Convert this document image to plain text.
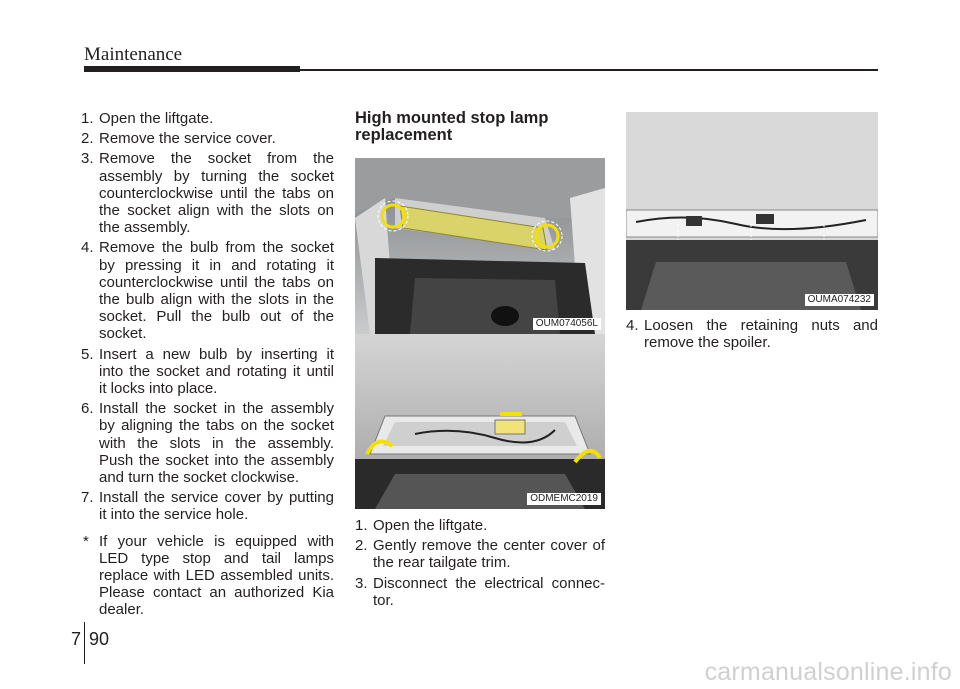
Maintenance
1. Open the liftgate.
2. Remove the service cover.
3. Remove the socket from the assembly by turning the socket counterclockwise until the tabs on the socket align with the slots on the assembly.
4. Remove the bulb from the socket by pressing it in and rotating it counterclockwise until the tabs on the bulb align with the slots in the socket. Pull the bulb out of the socket.
5. Insert a new bulb by inserting it into the socket and rotating it until it locks into place.
6. Install the socket in the assembly by aligning the tabs on the socket with the slots in the assembly. Push the socket into the assembly and turn the socket clockwise.
7. Install the service cover by putting it into the service hole.
* If your vehicle is equipped with LED type stop and tail lamps replace with LED assembled units. Please contact an authorized Kia dealer.
High mounted stop lamp replacement
OUM074056L
ODMEMC2019
1. Open the liftgate.
2. Gently remove the center cover of the rear tailgate trim.
3. Disconnect the electrical connec-tor.
OUMA074232
4. Loosen the retaining nuts and remove the spoiler.
7 90
carmanualsonline.info
